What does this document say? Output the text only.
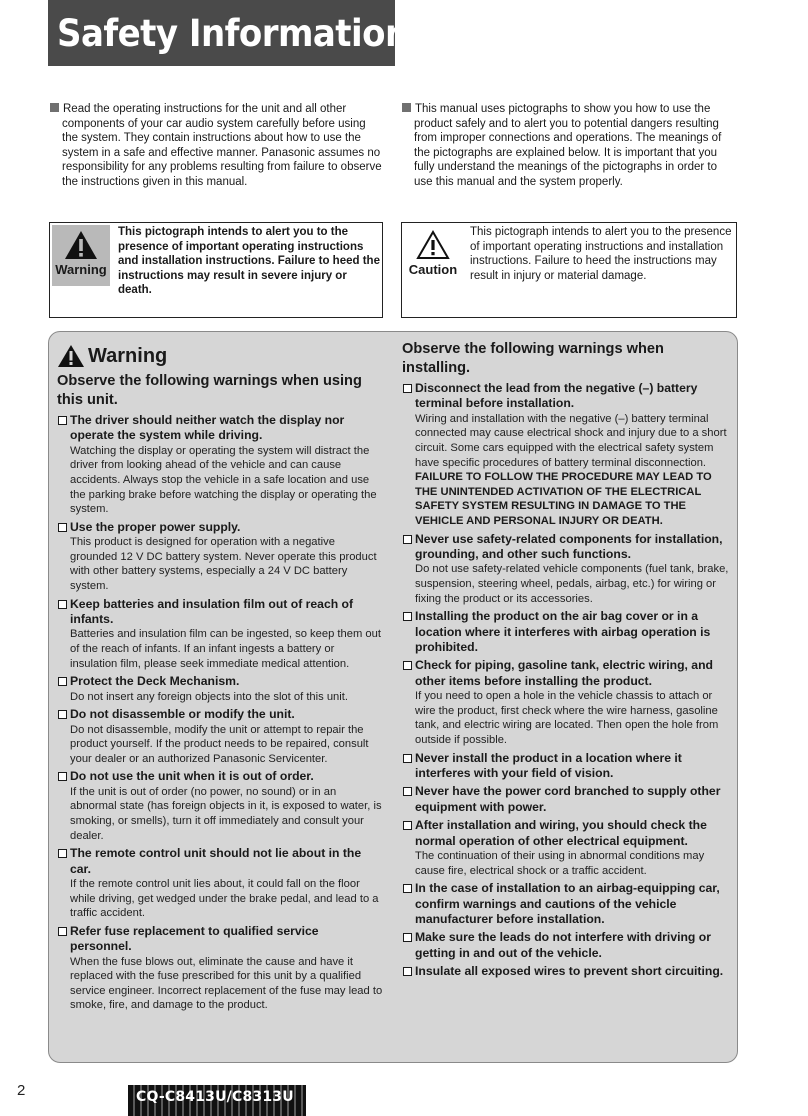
Safety Information

Read the operating instructions for the unit and all other components of your car audio system carefully before using the system. They contain instructions about how to use the system in a safe and effective manner. Panasonic assumes no responsibility for any problems resulting from failure to observe the instructions given in this manual.

This manual uses pictographs to show you how to use the product safely and to alert you to potential dangers resulting from improper connections and operations. The meanings of the pictographs are explained below. It is important that you fully understand the meanings of the pictographs in order to use this manual and the system properly.

Warning
This pictograph intends to alert you to the presence of important operating instructions and installation instructions. Failure to heed the instructions may result in severe injury or death.
Caution
This pictograph intends to alert you to the presence of important operating instructions and installation instructions. Failure to heed the instructions may result in injury or material damage.
Warning
Observe the following warnings when using this unit.
The driver should neither watch the display nor operate the system while driving.
Watching the display or operating the system will distract the driver from looking ahead of the vehicle and can cause accidents. Always stop the vehicle in a safe location and use the parking brake before watching the display or operating the system.
Use the proper power supply.
This product is designed for operation with a negative grounded 12 V DC battery system. Never operate this product with other battery systems, especially a 24 V DC battery system.
Keep batteries and insulation film out of reach of infants.
Batteries and insulation film can be ingested, so keep them out of the reach of infants. If an infant ingests a battery or insulation film, please seek immediate medical attention.
Protect the Deck Mechanism.
Do not insert any foreign objects into the slot of this unit.
Do not disassemble or modify the unit.
Do not disassemble, modify the unit or attempt to repair the product yourself. If the product needs to be repaired, consult your dealer or an authorized Panasonic Servicenter.
Do not use the unit when it is out of order.
If the unit is out of order (no power, no sound) or in an abnormal state (has foreign objects in it, is exposed to water, is smoking, or smells), turn it off immediately and consult your dealer.
The remote control unit should not lie about in the car.
If the remote control unit lies about, it could fall on the floor while driving, get wedged under the brake pedal, and lead to a traffic accident.
Refer fuse replacement to qualified service personnel.
When the fuse blows out, eliminate the cause and have it replaced with the fuse prescribed for this unit by a qualified service engineer. Incorrect replacement of the fuse may lead to smoke, fire, and damage to the product.
Observe the following warnings when installing.
Disconnect the lead from the negative (–) battery terminal before installation.
Wiring and installation with the negative (–) battery terminal connected may cause electrical shock and injury due to a short circuit. Some cars equipped with the electrical safety system have specific procedures of battery terminal disconnection.
FAILURE TO FOLLOW THE PROCEDURE MAY LEAD TO THE UNINTENDED ACTIVATION OF THE ELECTRICAL SAFETY SYSTEM RESULTING IN DAMAGE TO THE VEHICLE AND PERSONAL INJURY OR DEATH.
Never use safety-related components for installation, grounding, and other such functions.
Do not use safety-related vehicle components (fuel tank, brake, suspension, steering wheel, pedals, airbag, etc.) for wiring or fixing the product or its accessories.
Installing the product on the air bag cover or in a location where it interferes with airbag operation is prohibited.
Check for piping, gasoline tank, electric wiring, and other items before installing the product.
If you need to open a hole in the vehicle chassis to attach or wire the product, first check where the wire harness, gasoline tank, and electric wiring are located. Then open the hole from outside if possible.
Never install the product in a location where it interferes with your field of vision.
Never have the power cord branched to supply other equipment with power.
After installation and wiring, you should check the normal operation of other electrical equipment.
The continuation of their using in abnormal conditions may cause fire, electrical shock or a traffic accident.
In the case of installation to an airbag-equipping car, confirm warnings and cautions of the vehicle manufacturer before installation.
Make sure the leads do not interfere with driving or getting in and out of the vehicle.
Insulate all exposed wires to prevent short circuiting.
2	CQ-C8413U/C8313U
